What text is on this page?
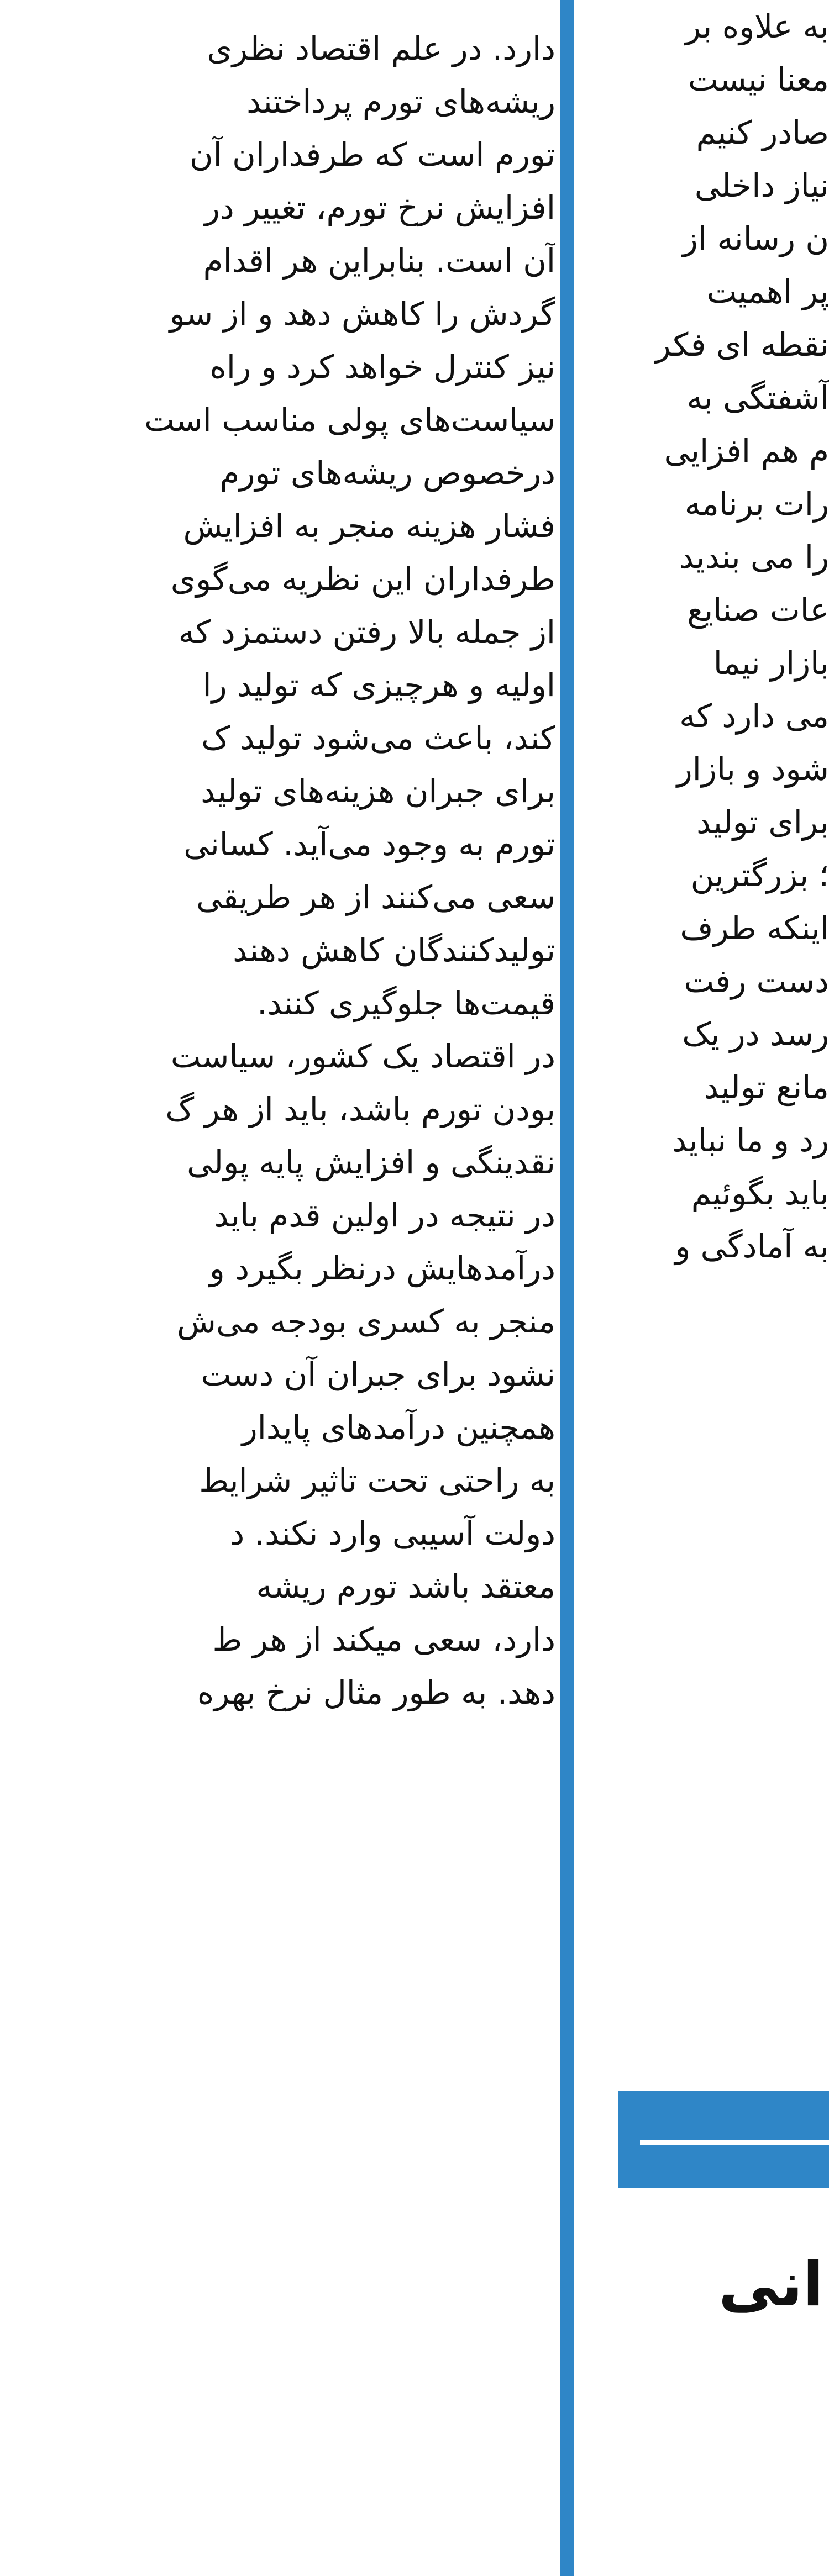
دارد. در علم اقتصاد نظری
ریشه‌های تورم پرداختند
تورم است که طرفداران آن
افزایش نرخ تورم، تغییر در
آن است. بنابراین هر اقدام
گردش را کاهش دهد و از سو
نیز کنترل خواهد کرد و راه
سیاست‌های پولی مناسب است
درخصوص ریشه‌های تورم
فشار هزینه منجر به افزایش
طرفداران این نظریه می‌گوی
از جمله بالا رفتن دستمزد که
اولیه و هرچیزی که تولید را
کند، باعث می‌شود تولید ک
برای جبران هزینه‌های تولید
تورم به وجود می‌آید. کسانی
سعی می‌کنند از هر طریقی
تولیدکنندگان کاهش دهند
قیمت‌ها جلوگیری کنند.
در اقتصاد یک کشور، سیاست
بودن تورم باشد، باید از هر گ
نقدینگی و افزایش پایه پولی
در نتیجه در اولین قدم باید
درآمدهایش درنظر بگیرد و
منجر به کسری بودجه می‌ش
نشود برای جبران آن دست
همچنین درآمدهای پایدار
به راحتی تحت تاثیر شرایط
دولت آسیبی وارد نکند. د
معتقد باشد تورم ریشه
دارد، سعی میکند از هر ط
دهد. به طور مثال نرخ بهره
به علاوه بر
معنا نیست
صادر کنیم
نیاز داخلی
ن رسانه از
پر اهمیت
نقطه ای فکر
آشفتگی به
م هم افزایی
رات برنامه
را می بندید
عات صنایع
بازار نیما
می دارد که
شود و بازار
برای تولید
؛ بزرگترین
اینکه طرف
دست رفت
رسد در یک
مانع تولید
رد و ما نباید
باید بگوئیم
به آمادگی و
انی
